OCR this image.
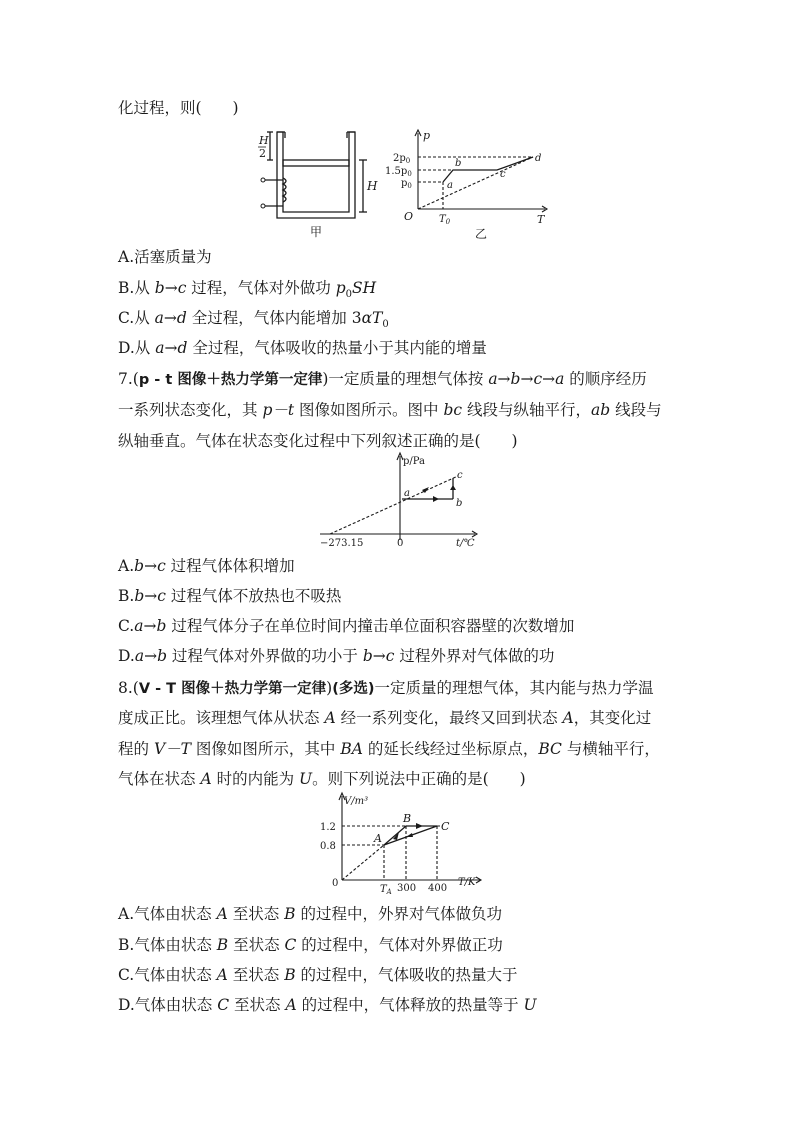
化过程，则(　　)
H
2
H
甲
p
T
O
$2p_0$
$1.5p_0$
$p_0$
$T_0$
a
b
c
d
乙
A.活塞质量为
B.从 b→c 过程，气体对外做功 $p_0SH$
C.从 a→d 全过程，气体内能增加 $3\alpha T_0$
D.从 a→d 全过程，气体吸收的热量小于其内能的增量
7.(p - t 图像＋热力学第一定律)一定质量的理想气体按 a→b→c→a 的顺序经历
一系列状态变化，其 p－t 图像如图所示。图中 bc 线段与纵轴平行，ab 线段与
纵轴垂直。气体在状态变化过程中下列叙述正确的是(　　)
p/Pa
t/℃
−273.15	0
a
b
c
A.b→c 过程气体体积增加
B.b→c 过程气体不放热也不吸热
C.a→b 过程气体分子在单位时间内撞击单位面积容器壁的次数增加
D.a→b 过程气体对外界做的功小于 b→c 过程外界对气体做的功
8.(V - T 图像＋热力学第一定律)(多选)一定质量的理想气体，其内能与热力学温
度成正比。该理想气体从状态 A 经一系列变化，最终又回到状态 A，其变化过
程的 V－T 图像如图所示，其中 BA 的延长线经过坐标原点，BC 与横轴平行，
气体在状态 A 时的内能为 U。则下列说法中正确的是(　　)
V/m³
T/K
0
1.2
0.8
$T_A$ 300 400
A
B
C
A.气体由状态 A 至状态 B 的过程中，外界对气体做负功
B.气体由状态 B 至状态 C 的过程中，气体对外界做正功
C.气体由状态 A 至状态 B 的过程中，气体吸收的热量大于
D.气体由状态 C 至状态 A 的过程中，气体释放的热量等于 U
